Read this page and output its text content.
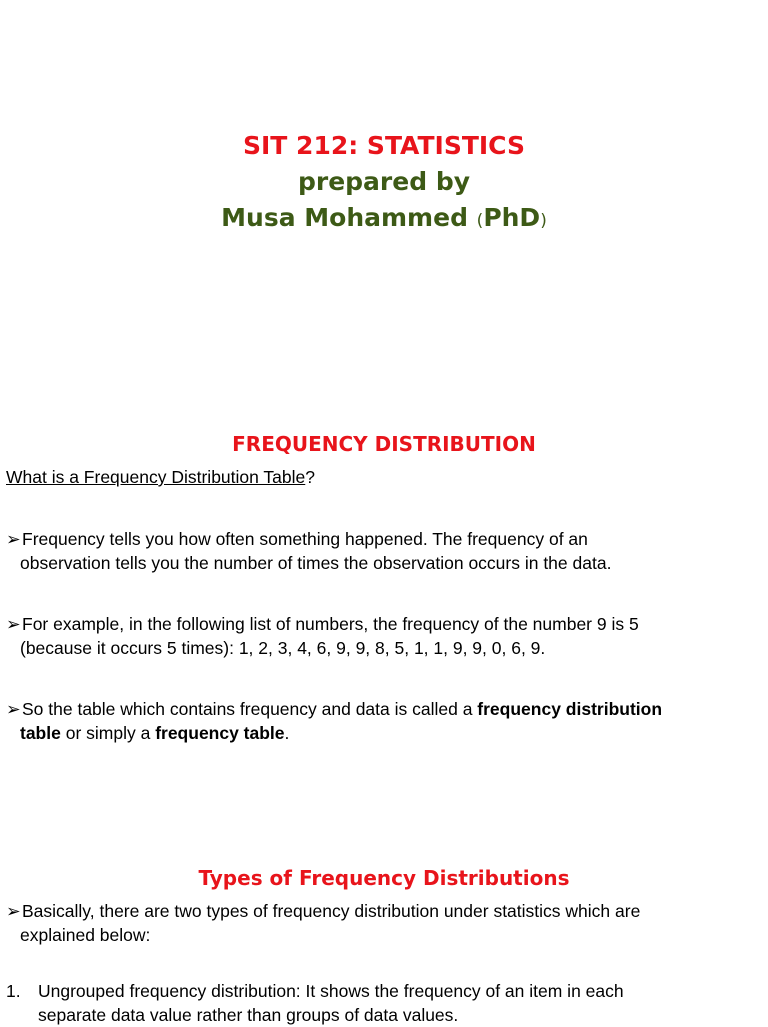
SIT 212: STATISTICS
prepared by
Musa Mohammed (PhD)
FREQUENCY DISTRIBUTION
What is a Frequency Distribution Table?
➢Frequency tells you how often something happened. The frequency of an
observation tells you the number of times the observation occurs in the data.
➢For example, in the following list of numbers, the frequency of the number 9 is 5
(because it occurs 5 times): 1, 2, 3, 4, 6, 9, 9, 8, 5, 1, 1, 9, 9, 0, 6, 9.
➢So the table which contains frequency and data is called a frequency distribution
table or simply a frequency table.
Types of Frequency Distributions
➢Basically, there are two types of frequency distribution under statistics which are
explained below:
1. Ungrouped frequency distribution: It shows the frequency of an item in each
separate data value rather than groups of data values.
